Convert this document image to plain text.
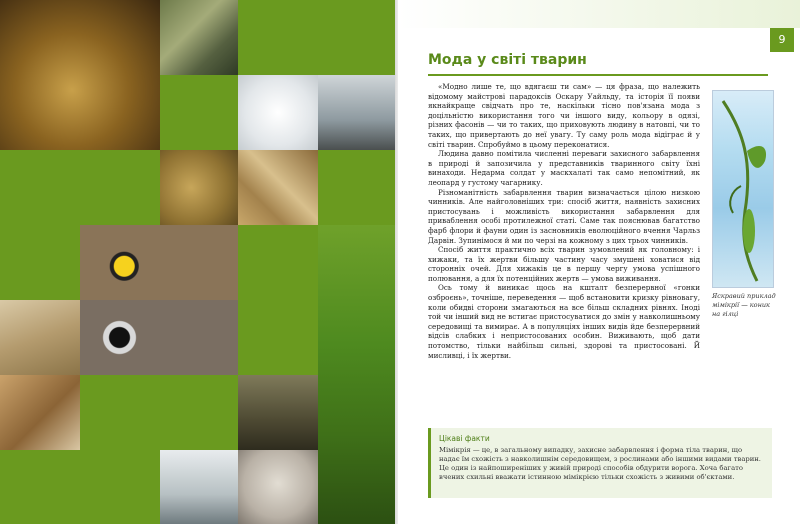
9
Мода у світі тварин

«Модно лише те, що вдягаєш ти сам» — ця фраза, що належить відомому майстрові парадоксів Оскару Уайльду, та історія її появи якнайкраще свідчать про те, наскільки тісно пов'язана мода з доцільністю використання того чи іншого виду, кольору в одязі, різних фасонів — чи то таких, що приховують людину в натовпі, чи то таких, що привертають до неї увагу. Ту саму роль мода відіграє й у світі тварин. Спробуймо в цьому переконатися.

Людина давно помітила численні переваги захисного забарвлення в природі й запозичила у представників тваринного світу їхні винаходи. Недарма солдат у маскхалаті так само непомітний, як леопард у густому чагарнику.

Різноманітність забарвлення тварин визначається цілою низкою чинників. Але найголовніших три: спосіб життя, наявність захисних пристосувань і можливість використання забарвлення для приваблення особі протилежної статі. Саме так пояснював багатство фарб флори й фауни один із засновників еволюційного вчення Чарльз Дарвін. Зупинімося й ми по черзі на кожному з цих трьох чинників.

Спосіб життя практично всіх тварин зумовлений як головному: і хижаки, та їх жертви більшу частину часу змушені ховатися від сторонніх очей. Для хижаків це в першу чергу умова успішного полювання, а для їх потенційних жертв — умова виживання.

Ось тому й виникає щось на кшталт безперервної «гонки озброєнь», точніше, переведення — щоб встановити кризку рівновагу, коли обидві сторони змагаються на все більш складних рівнях. Іноді той чи інший вид не встигає пристосуватися до змін у навколишньому середовищі та вимирає. А в популяціях інших видів йде безперервний відсів слабких і непристосованих особин. Виживають, щоб дати потомство, тільки найбільш сильні, здорові та пристосовані. Й мисливці, і їх жертви.

Яскравий приклад мімікрії — коник на гілці
Цікаві факти
Мімікрія — це, в загальному випадку, захисне забарвлення і форма тіла тварин, що надає їм схожість з навколишнім середовищем, з рослинами або іншими видами тварин. Це один із найпоширеніших у живій природі способів обдурити ворога. Хоча багато вчених схильні вважати істинною мімікрією тільки схожість з живими об'єктами.
